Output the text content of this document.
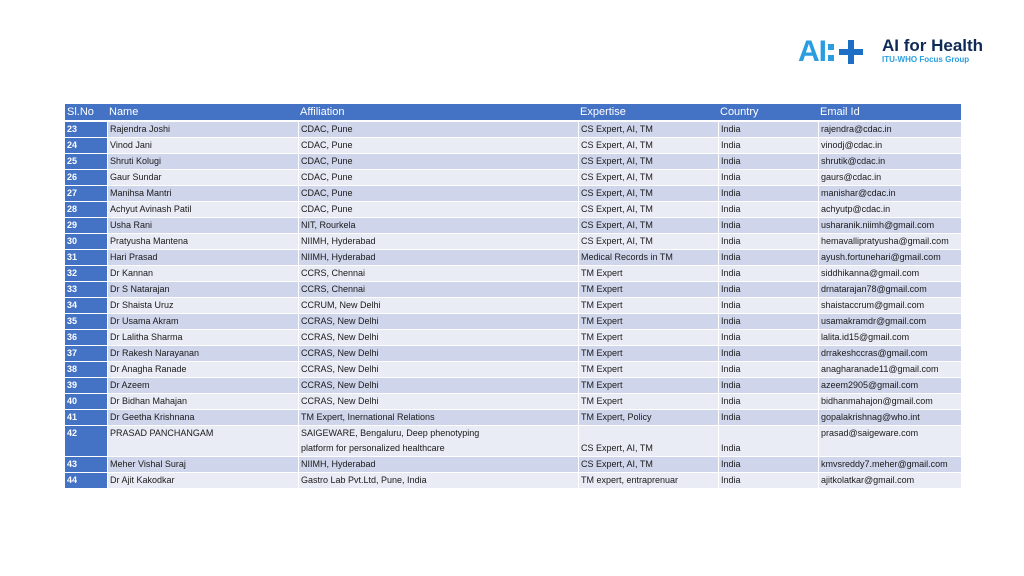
AI	AI for Health
ITU-WHO Focus Group
Sl.No	Name	Affiliation	Expertise	Country	Email Id

23	Rajendra Joshi	CDAC, Pune	CS Expert, AI, TM	India	rajendra@cdac.in

24	Vinod Jani	CDAC, Pune	CS Expert, AI, TM	India	vinodj@cdac.in

25	Shruti Kolugi	CDAC, Pune	CS Expert, AI, TM	India	shrutik@cdac.in

26	Gaur Sundar	CDAC, Pune	CS Expert, AI, TM	India	gaurs@cdac.in

27	Manihsa Mantri	CDAC, Pune	CS Expert, AI, TM	India	manishar@cdac.in

28	Achyut Avinash Patil	CDAC, Pune	CS Expert, AI, TM	India	achyutp@cdac.in

29	Usha Rani	NIT, Rourkela	CS Expert, AI, TM	India	usharanik.niimh@gmail.com

30	Pratyusha Mantena	NIIMH, Hyderabad	CS Expert, AI, TM	India	hemavallipratyusha@gmail.com

31	Hari Prasad	NIIMH, Hyderabad	Medical Records in TM	India	ayush.fortunehari@gmail.com

32	Dr Kannan	CCRS, Chennai	TM Expert	India	siddhikanna@gmail.com

33	Dr S Natarajan	CCRS, Chennai	TM Expert	India	drnatarajan78@gmail.com

34	Dr Shaista Uruz	CCRUM, New Delhi	TM Expert	India	shaistaccrum@gmail.com

35	Dr Usama Akram	CCRAS, New Delhi	TM Expert	India	usamakramdr@gmail.com

36	Dr Lalitha Sharma	CCRAS, New Delhi	TM Expert	India	lalita.id15@gmail.com

37	Dr Rakesh Narayanan	CCRAS, New Delhi	TM Expert	India	drrakeshccras@gmail.com

38	Dr Anagha Ranade	CCRAS, New Delhi	TM Expert	India	anagharanade11@gmail.com

39	Dr Azeem	CCRAS, New Delhi	TM Expert	India	azeem2905@gmail.com

40	Dr Bidhan Mahajan	CCRAS, New Delhi	TM Expert	India	bidhanmahajon@gmail.com

41	Dr Geetha Krishnana	TM Expert, Inernational Relations	TM Expert, Policy	India	gopalakrishnag@who.int

42	PRASAD PANCHANGAM	SAIGEWARE, Bengaluru, Deep phenotyping
platform for personalized healthcare	CS Expert, AI, TM	India	prasad@saigeware.com

43	Meher Vishal Suraj	NIIMH, Hyderabad	CS Expert, AI, TM	India	kmvsreddy7.meher@gmail.com

44	Dr Ajit Kakodkar	Gastro Lab Pvt.Ltd, Pune, India	TM expert, entraprenuar	India	ajitkolatkar@gmail.com
